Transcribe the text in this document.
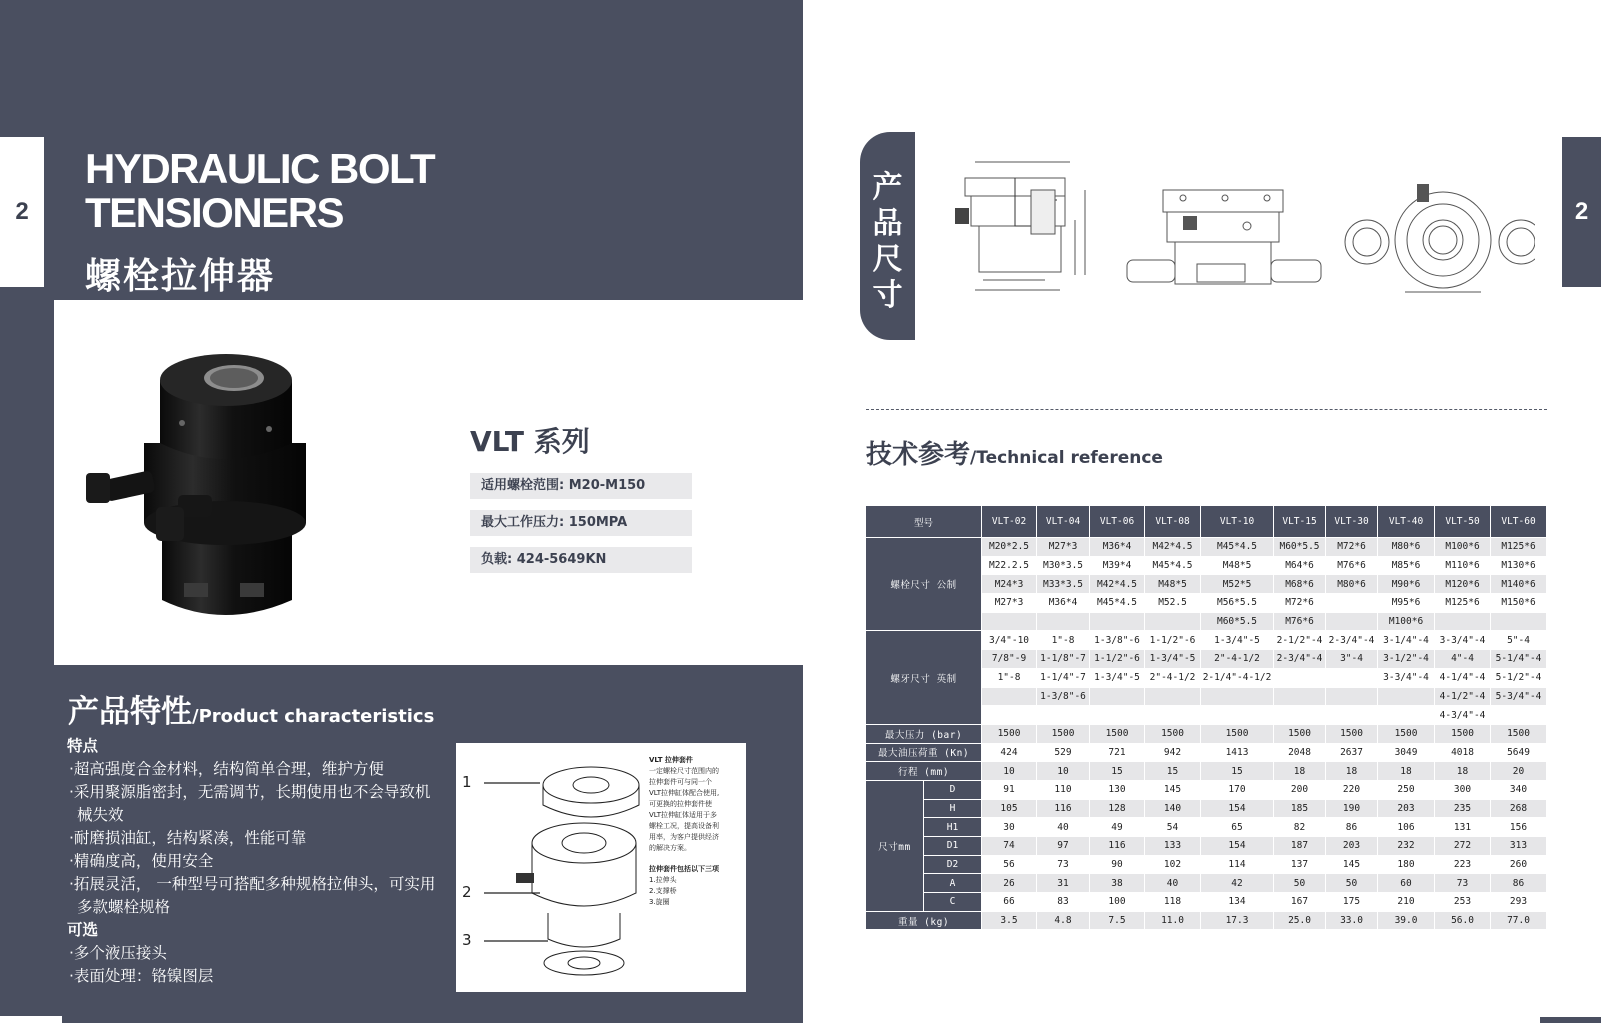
2
HYDRAULIC BOLT
TENSIONERS
螺栓拉伸器
VLT 系列
适用螺栓范围: M20-M150
最大工作压力: 150MPA
负载: 424-5649KN
产品特性/Product characteristics
特点
·超高强度合金材料，结构简单合理，维护方便
·采用聚源脂密封，无需调节，长期使用也不会导致机
械失效
·耐磨损油缸，结构紧凑，性能可靠
·精确度高，使用安全
·拓展灵活， 一种型号可搭配多种规格拉伸头，可实用
多款螺栓规格
可选
·多个液压接头
·表面处理：铬镍图层
1
2
3
VLT 拉伸套件
一定螺栓尺寸范围内的
拉伸套件可与同一个
VLT拉伸缸体配合使用,
可更换的拉伸套件使
VLT拉伸缸体适用于多
螺栓工况，提高设备利
用率，为客户提供经济
的解决方案。
拉伸套件包括以下三项
1.拉伸头
2.支撑桥
3.旋圈
产
品
尺
寸
2
技术参考/Technical reference
型号		VLT-02	VLT-04	VLT-06	VLT-08	VLT-10	VLT-15	VLT-30	VLT-40	VLT-50	VLT-60
螺栓尺寸 公制		M20*2.5	M27*3	M36*4	M42*4.5	M45*4.5	M60*5.5	M72*6	M80*6	M100*6	M125*6
		M22.2.5	M30*3.5	M39*4	M45*4.5	M48*5	M64*6	M76*6	M85*6	M110*6	M130*6
		M24*3	M33*3.5	M42*4.5	M48*5	M52*5	M68*6	M80*6	M90*6	M120*6	M140*6
		M27*3	M36*4	M45*4.5	M52.5	M56*5.5	M72*6		M95*6	M125*6	M150*6
						M60*5.5	M76*6		M100*6		
螺牙尺寸 英制		3/4"-10	1"-8	1-3/8"-6	1-1/2"-6	1-3/4"-5	2-1/2"-4	2-3/4"-4	3-1/4"-4	3-3/4"-4	5"-4
		7/8"-9	1-1/8"-7	1-1/2"-6	1-3/4"-5	2"-4-1/2	2-3/4"-4	3"-4	3-1/2"-4	4"-4	5-1/4"-4
		1"-8	1-1/4"-7	1-3/4"-5	2"-4-1/2	2-1/4"-4-1/2			3-3/4"-4	4-1/4"-4	5-1/2"-4
			1-3/8"-6							4-1/2"-4	5-3/4"-4
										4-3/4"-4	
最大压力 (bar)		1500	1500	1500	1500	1500	1500	1500	1500	1500	1500
最大油压荷重 (Kn)		424	529	721	942	1413	2048	2637	3049	4018	5649
行程 (mm)		10	10	15	15	15	18	18	18	18	20
尺寸mm	D	91	110	130	145	170	200	220	250	300	340
	H	105	116	128	140	154	185	190	203	235	268
	H1	30	40	49	54	65	82	86	106	131	156
	D1	74	97	116	133	154	187	203	232	272	313
	D2	56	73	90	102	114	137	145	180	223	260
	A	26	31	38	40	42	50	50	60	73	86
	C	66	83	100	118	134	167	175	210	253	293
重量 (kg)		3.5	4.8	7.5	11.0	17.3	25.0	33.0	39.0	56.0	77.0
